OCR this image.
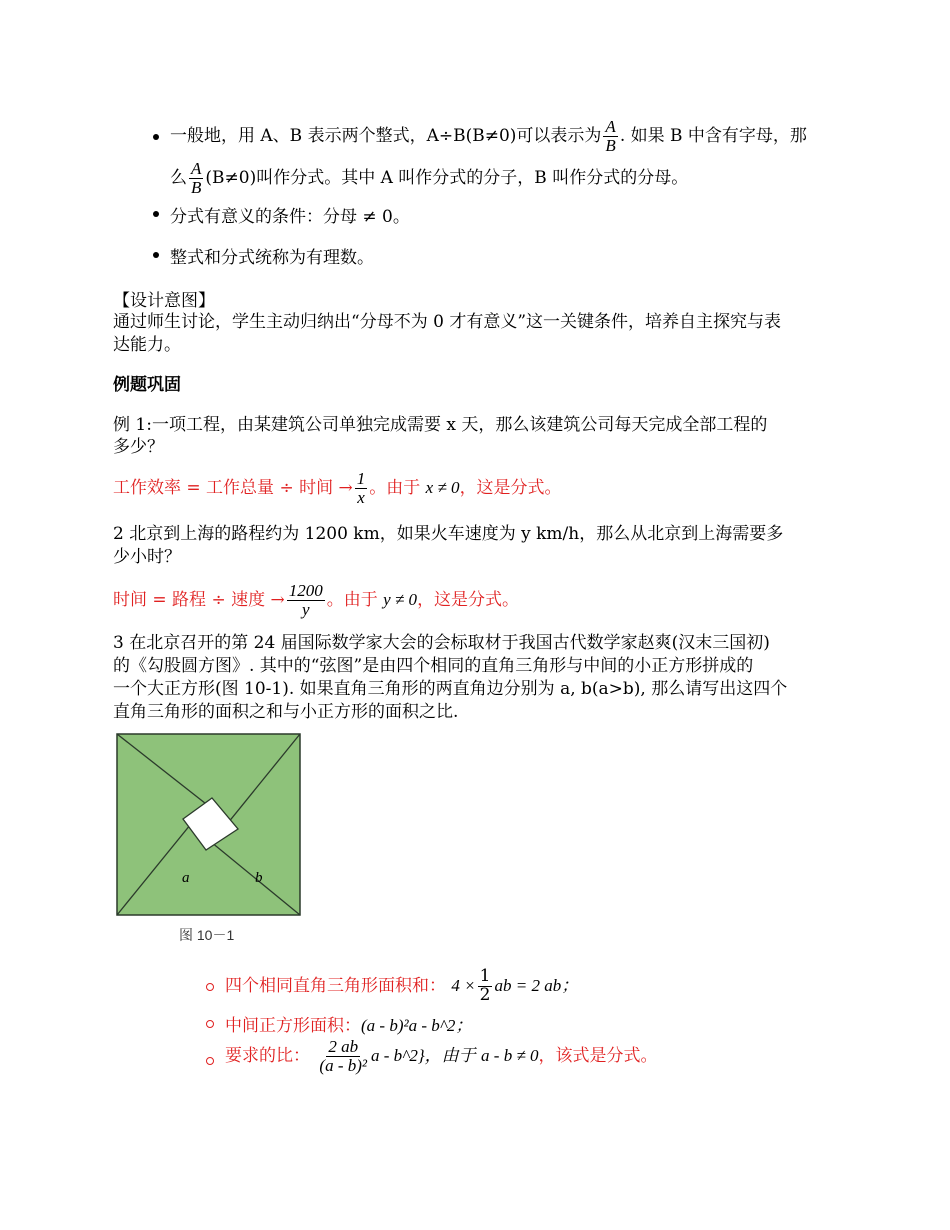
一般地，用 A、B 表示两个整式，A÷B(B≠0)可以表示为 $\frac{A}{B}$ . 如果 B 中含有字母，那
么 $\frac{A}{B} (B\ne 0)$叫作分式。其中 A 叫作分式的分子，B 叫作分式的分母。
分式有意义的条件：分母 ≠ 0。
整式和分式统称为有理数。
【设计意图】
通过师生讨论，学生主动归纳出“分母不为 0 才有意义”这一关键条件，培养自主探究与表
达能力。
例题巩固
例 1:一项工程，由某建筑公司单独完成需要 x 天，那么该建筑公司每天完成全部工程的
多少？
工作效率 = 工作总量 ÷ 时间 → $\frac{1}{x}$ 。由于 x ≠ 0，这是分式。
2 北京到上海的路程约为 1200 km，如果火车速度为 y km/h，那么从北京到上海需要多
少小时？
时间 = 路程 ÷ 速度 → $\frac{1200}{y}$ 。由于 y ≠ 0，这是分式。
3 在北京召开的第 24 届国际数学家大会的会标取材于我国古代数学家赵爽(汉末三国初)
的《勾股圆方图》. 其中的“弦图”是由四个相同的直角三角形与中间的小正方形拼成的
一个大正方形(图 10-1). 如果直角三角形的两直角边分别为 a, b(a>b), 那么请写出这四个
直角三角形的面积之和与小正方形的面积之比.
a	b
图 10－1
四个相同直角三角形面积和： $4 \times \frac{1}{2}$ ab = 2 ab；
中间正方形面积：(a - b)²a - b^2；
要求的比： $\frac{2 ab}{\text{(a - b)²}}$ a - b^2}，由于 a - b ≠ 0，该式是分式。
